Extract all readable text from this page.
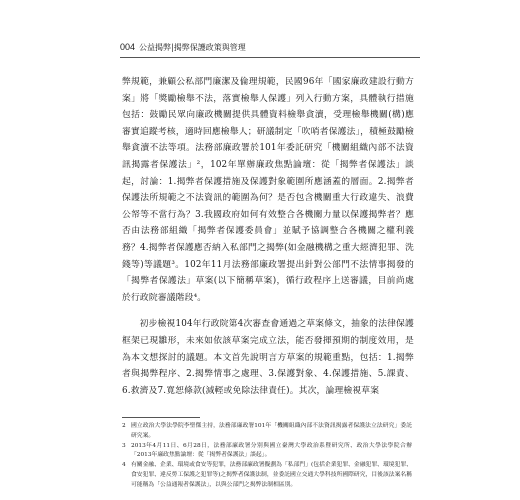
004 公益揭弊|揭弊保護政策與管理

弊規範，兼顧公私部門廉潔及倫理規範，民國96年「國家廉政建設行動方案」將「獎勵檢舉不法，落實檢舉人保護」列入行動方案，具體執行措施包括：鼓勵民眾向廉政機關提供具體資料檢舉貪瀆，受理檢舉機關(構)應審實追蹤考核，適時回應檢舉人；研議制定「吹哨者保護法」，積極鼓勵檢舉貪瀆不法等項。法務部廉政署於101年委託研究「機關組織內部不法資訊揭露者保護法」²，102年單辦廉政焦點論壇：從「揭弊者保護法」談起，討論：1.揭弊者保護措施及保護對象範圍所應涵蓋的層面。2.揭弊者保護法所規範之不法資訊的範圍為何？是否包含機關重大行政違失、浪費公帑等不當行為？3.我國政府如何有效整合各機關力量以保護揭弊者？應否由法務部組織「揭弊者保護委員會」並賦予協調整合各機關之權利義務？4.揭弊者保護應否納入私部門之揭弊(如金融機構之重大經濟犯罪、洗錢等)等議題³。102年11月法務部廉政署提出針對公部門不法情事揭發的「揭弊者保護法」草案(以下簡稱草案)，循行政程序上送審議，目前尚處於行政院審議階段⁴。

初步檢視104年行政院第4次審查會通過之草案條文，抽象的法律保護框架已現雛形，未來如依該草案完成立法，能否發揮預期的制度效用，是為本文想探討的議題。本文首先說明言方草案的規範重點，包括：1.揭弊者與揭弊程序、2.揭弊情事之處理、3.保護對象、4.保護措施、5.課責、6.救濟及7.寬恕條款(減輕或免除法律責任)。其次，論理檢視草案

2 國立政治大學法學院李聖傑主持，法務部廉政署101年「機關組織內部不法資訊揭露者保護法立法研究」委託研究案。
3 2013年4月11日、6月28日，法務部廉政署分別與國立臺灣大學政治系暨研究所、政治大學法學院合辦「2013年廉政焦點論壇：從「揭弊者保護法」談起」。
4 有關金融、企業、環境或食安等犯罪，法務部廉政署擬劃為「私部門」(包括企業犯罪、金融犯罪、環境犯罪、食安犯罪、違反勞工保護之犯罪等)之揭弊者保護法制，並委託國立交通大學科技所國際研究，目後該法案名稱可能稱為「公益通報者保護法」，以與公部門之揭弊法制相區別。
